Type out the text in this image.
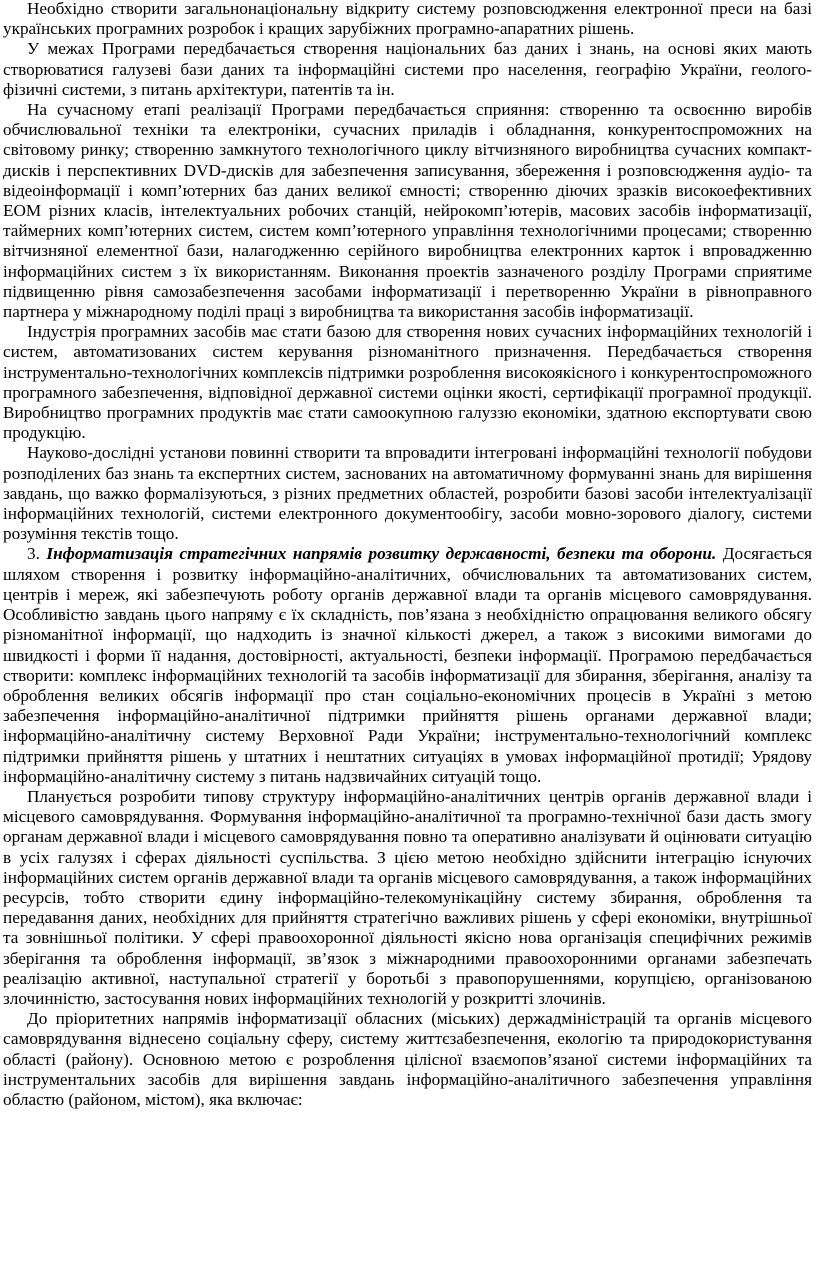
Необхідно створити загальнонаціональну відкриту систему розповсюдження електронної преси на базі українських програмних розробок і кращих зарубіжних програмно-апаратних рішень.

У межах Програми передбачається створення національних баз даних і знань, на основі яких мають створюватися галузеві бази даних та інформаційні системи про населення, географію України, геолого-фізичні системи, з питань архітектури, патентів та ін.

На сучасному етапі реалізації Програми передбачається сприяння: створенню та освоєнню виробів обчислювальної техніки та електроніки, сучасних приладів і обладнання, конкурентоспроможних на світовому ринку; створенню замкнутого технологічного циклу вітчизняного виробництва сучасних компакт-дисків і перспективних DVD-дисків для забезпечення записування, збереження і розповсюдження аудіо- та відеоінформації і комп’ютерних баз даних великої ємності; створенню діючих зразків високоефективних ЕОМ різних класів, інтелектуальних робочих станцій, нейрокомп’ютерів, масових засобів інформатизації, таймерних комп’ютерних систем, систем комп’ютерного управління технологічними процесами; створенню вітчизняної елементної бази, налагодженню серійного виробництва електронних карток і впровадженню інформаційних систем з їх використанням. Виконання проектів зазначеного розділу Програми сприятиме підвищенню рівня самозабезпечення засобами інформатизації і перетворенню України в рівноправного партнера у міжнародному поділі праці з виробництва та використання засобів інформатизації.

Індустрія програмних засобів має стати базою для створення нових сучасних інформаційних технологій і систем, автоматизованих систем керування різноманітного призначення. Передбачається створення інструментально-технологічних комплексів підтримки розроблення високоякісного і конкурентоспроможного програмного забезпечення, відповідної державної системи оцінки якості, сертифікації програмної продукції. Виробництво програмних продуктів має стати самоокупною галуззю економіки, здатною експортувати свою продукцію.

Науково-дослідні установи повинні створити та впровадити інтегровані інформаційні технології побудови розподілених баз знань та експертних систем, заснованих на автоматичному формуванні знань для вирішення завдань, що важко формалізуються, з різних предметних областей, розробити базові засоби інтелектуалізації інформаційних технологій, системи електронного документообігу, засоби мовно-зорового діалогу, системи розуміння текстів тощо.

3. Інформатизація стратегічних напрямів розвитку державності, безпеки та оборони. Досягається шляхом створення і розвитку інформаційно-аналітичних, обчислювальних та автоматизованих систем, центрів і мереж, які забезпечують роботу органів державної влади та органів місцевого самоврядування. Особливістю завдань цього напряму є їх складність, пов’язана з необхідністю опрацювання великого обсягу різноманітної інформації, що надходить із значної кількості джерел, а також з високими вимогами до швидкості і форми її надання, достовірності, актуальності, безпеки інформації. Програмою передбачається створити: комплекс інформаційних технологій та засобів інформатизації для збирання, зберігання, аналізу та оброблення великих обсягів інформації про стан соціально-економічних процесів в Україні з метою забезпечення інформаційно-аналітичної підтримки прийняття рішень органами державної влади; інформаційно-аналітичну систему Верховної Ради України; інструментально-технологічний комплекс підтримки прийняття рішень у штатних і нештатних ситуаціях в умовах інформаційної протидії; Урядову інформаційно-аналітичну систему з питань надзвичайних ситуацій тощо.

Планується розробити типову структуру інформаційно-аналітичних центрів органів державної влади і місцевого самоврядування. Формування інформаційно-аналітичної та програмно-технічної бази дасть змогу органам державної влади і місцевого самоврядування повно та оперативно аналізувати й оцінювати ситуацію в усіх галузях і сферах діяльності суспільства. З цією метою необхідно здійснити інтеграцію існуючих інформаційних систем органів державної влади та органів місцевого самоврядування, а також інформаційних ресурсів, тобто створити єдину інформаційно-телекомунікаційну систему збирання, оброблення та передавання даних, необхідних для прийняття стратегічно важливих рішень у сфері економіки, внутрішньої та зовнішньої політики. У сфері правоохоронної діяльності якісно нова організація специфічних режимів зберігання та оброблення інформації, зв’язок з міжнародними правоохоронними органами забезпечать реалізацію активної, наступальної стратегії у боротьбі з правопорушеннями, корупцією, організованою злочинністю, застосування нових інформаційних технологій у розкритті злочинів.

До пріоритетних напрямів інформатизації обласних (міських) держадміністрацій та органів місцевого самоврядування віднесено соціальну сферу, систему життєзабезпечення, екологію та природокористування області (району). Основною метою є розроблення цілісної взаємопов’язаної системи інформаційних та інструментальних засобів для вирішення завдань інформаційно-аналітичного забезпечення управління областю (районом, містом), яка включає:
